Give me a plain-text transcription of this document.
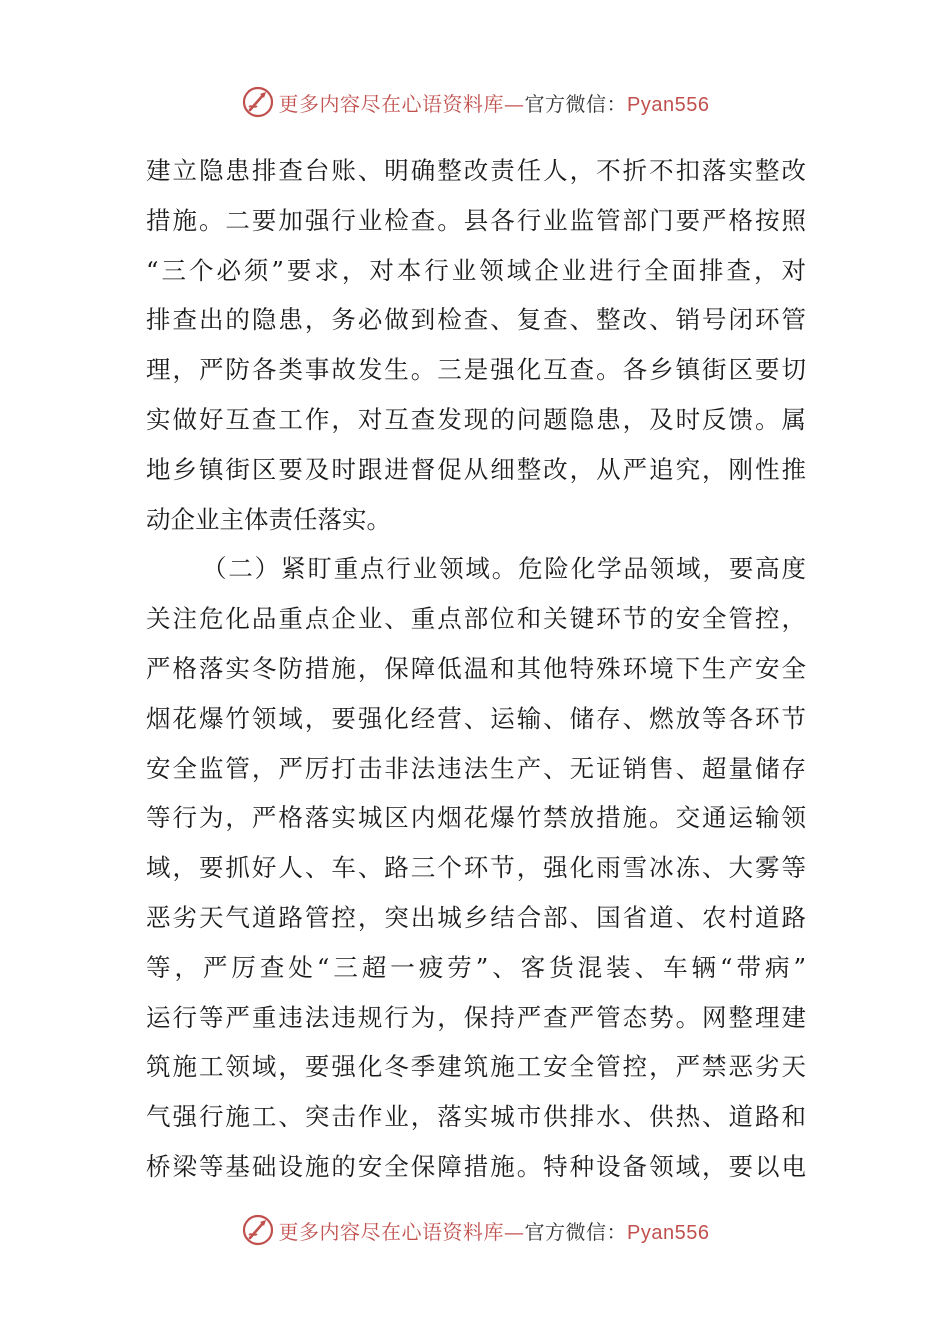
更多内容尽在心语资料库—官方微信：Pyan556
建立隐患排查台账、明确整改责任人，不折不扣落实整改
措施。二要加强行业检查。县各行业监管部门要严格按照
“三个必须”要求，对本行业领域企业进行全面排查，对
排查出的隐患，务必做到检查、复查、整改、销号闭环管
理，严防各类事故发生。三是强化互查。各乡镇街区要切
实做好互查工作，对互查发现的问题隐患，及时反馈。属
地乡镇街区要及时跟进督促从细整改，从严追究，刚性推
动企业主体责任落实。
（二）紧盯重点行业领域。危险化学品领域，要高度
关注危化品重点企业、重点部位和关键环节的安全管控，
严格落实冬防措施，保障低温和其他特殊环境下生产安全
烟花爆竹领域，要强化经营、运输、储存、燃放等各环节
安全监管，严厉打击非法违法生产、无证销售、超量储存
等行为，严格落实城区内烟花爆竹禁放措施。交通运输领
域，要抓好人、车、路三个环节，强化雨雪冰冻、大雾等
恶劣天气道路管控，突出城乡结合部、国省道、农村道路
等，严厉查处“三超一疲劳”、客货混装、车辆“带病”
运行等严重违法违规行为，保持严查严管态势。网整理建
筑施工领域，要强化冬季建筑施工安全管控，严禁恶劣天
气强行施工、突击作业，落实城市供排水、供热、道路和
桥梁等基础设施的安全保障措施。特种设备领域，要以电
更多内容尽在心语资料库—官方微信：Pyan556
